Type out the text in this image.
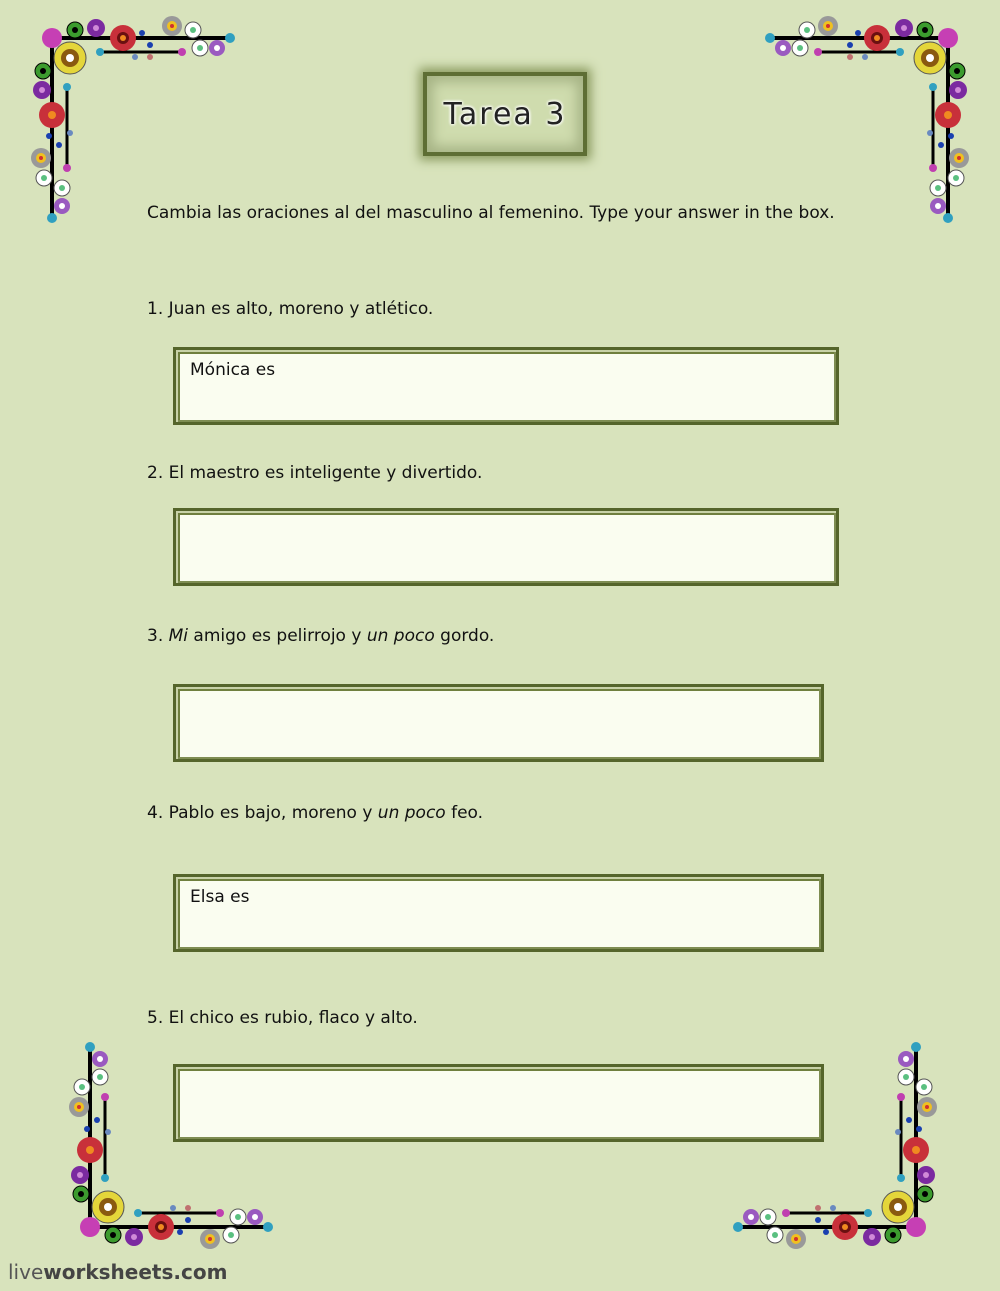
Tarea 3
Cambia las oraciones al del masculino al femenino. Type your answer in the box.
1. Juan es alto, moreno y atlético.
Mónica es
2. El maestro es inteligente y divertido.
3. Mi amigo es pelirrojo y un poco gordo.
4. Pablo es bajo, moreno y un poco feo.
Elsa es
5. El chico es rubio, flaco y alto.
liveworksheets.com
